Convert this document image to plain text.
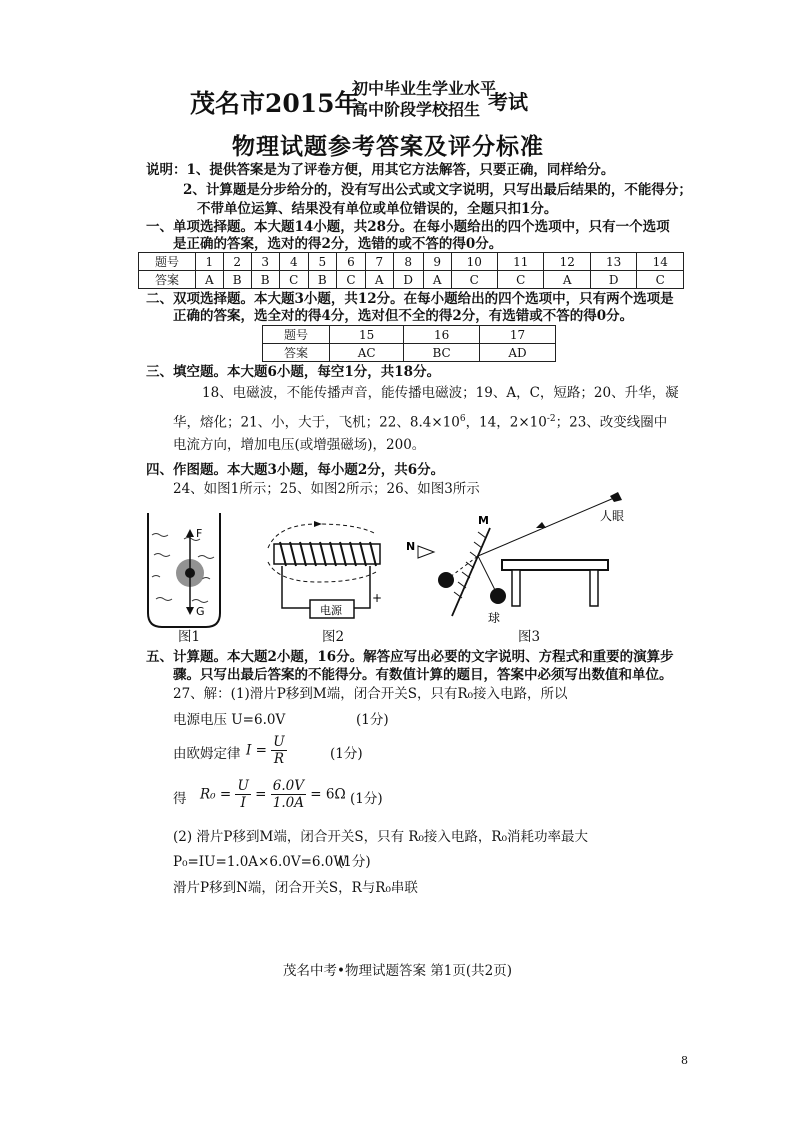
茂名市2015年
初中毕业生学业水平
高中阶段学校招生 考试
物理试题参考答案及评分标准
说明：1、提供答案是为了评卷方便，用其它方法解答，只要正确，同样给分。
2、计算题是分步给分的，没有写出公式或文字说明，只写出最后结果的，不能得分；
不带单位运算、结果没有单位或单位错误的，全题只扣1分。
一、单项选择题。本大题14小题，共28分。在每小题给出的四个选项中，只有一个选项
是正确的答案，选对的得2分，选错的或不答的得0分。
题号	1	2	3	4	5	6	7	8	9	10	11	12	13	14
答案	A	B	B	C	B	C	A	D	A	C	C	A	D	C
二、双项选择题。本大题3小题，共12分。在每小题给出的四个选项中，只有两个选项是
正确的答案，选全对的得4分，选对但不全的得2分，有选错或不答的得0分。
题号	15	16	17
答案	AC	BC	AD
三、填空题。本大题6小题，每空1分，共18分。
18、电磁波，不能传播声音，能传播电磁波；19、A，C，短路；20、升华，凝
华，熔化；21、小，大于，飞机；22、$8.4\times 10^6$，14，$2\times 10^{-2}$；23、改变线圈中
电流方向，增加电压(或增强磁场)，200。
四、作图题。本大题3小题，每小题2分，共6分。
24、如图1所示；25、如图2所示；26、如图3所示
F
G
图1
N
电源
+
图2
M
球
人眼
图3
五、计算题。本大题2小题，16分。解答应写出必要的文字说明、方程式和重要的演算步
骤。只写出最后答案的不能得分。有数值计算的题目，答案中必须写出数值和单位。
27、解：(1)滑片P移到M端，闭合开关S，只有R₀接入电路，所以
电源电压 U=6.0V	(1分)
由欧姆定律 $I = \frac{U}{R}$	(1分)
得 $R_0 = \frac{U}{I} = \frac{6.0V}{1.0A} = 6\Omega$ (1分)
(2) 滑片P移到M端，闭合开关S，只有 R₀接入电路，R₀消耗功率最大
P₀=IU=1.0A×6.0V=6.0W
(1分)
滑片P移到N端，闭合开关S，R与R₀串联
茂名中考•物理试题答案 第1页(共2页)
8
